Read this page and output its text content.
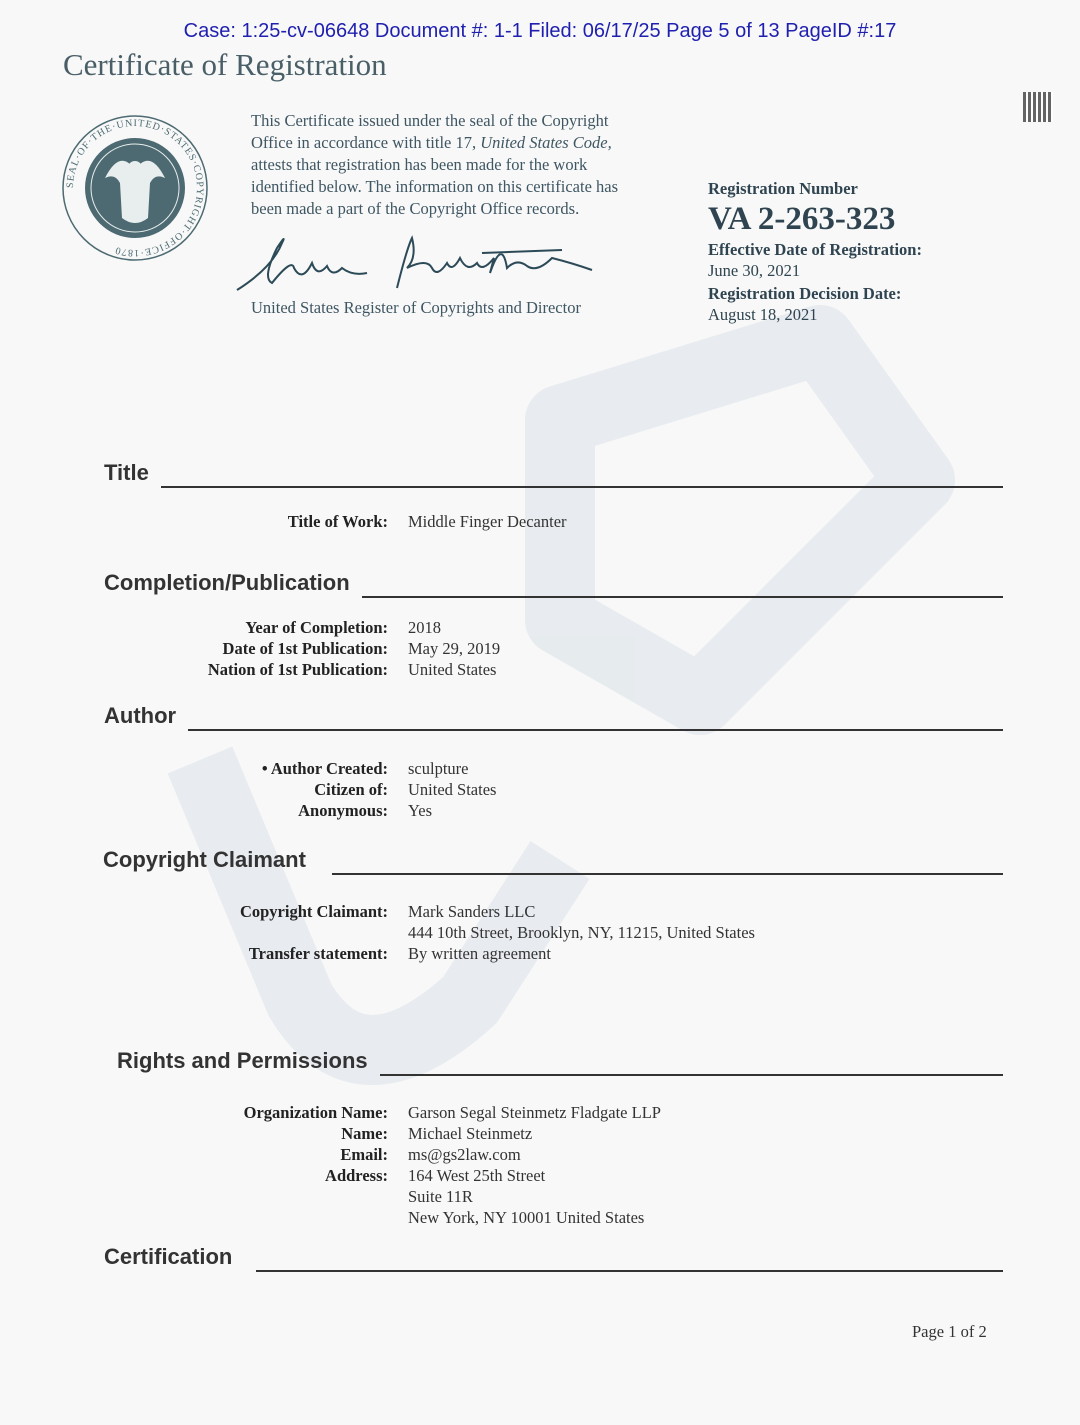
Case: 1:25-cv-06648 Document #: 1-1 Filed: 06/17/25 Page 5 of 13 PageID #:17
Certificate of Registration
SEAL·OF·THE·UNITED·STATES·COPYRIGHT·OFFICE·1870
This Certificate issued under the seal of the Copyright
Office in accordance with title 17, United States Code,
attests that registration has been made for the work
identified below. The information on this certificate has
been made a part of the Copyright Office records.
United States Register of Copyrights and Director
Registration Number
VA 2-263-323
Effective Date of Registration:
June 30, 2021
Registration Decision Date:
August 18, 2021
Title
Title of Work:	Middle Finger Decanter
Completion/Publication
Year of Completion:	2018
Date of 1st Publication:	May 29, 2019
Nation of 1st Publication:	United States
Author
• Author Created:	sculpture
Citizen of:	United States
Anonymous:	Yes
Copyright Claimant
Copyright Claimant:	Mark Sanders LLC
444 10th Street, Brooklyn, NY, 11215, United States
Transfer statement:	By written agreement
Rights and Permissions
Organization Name:	Garson Segal Steinmetz Fladgate LLP
Name:	Michael Steinmetz
Email:	ms@gs2law.com
Address:	164 West 25th Street
Suite 11R
New York, NY 10001 United States
Certification
Page 1 of 2
